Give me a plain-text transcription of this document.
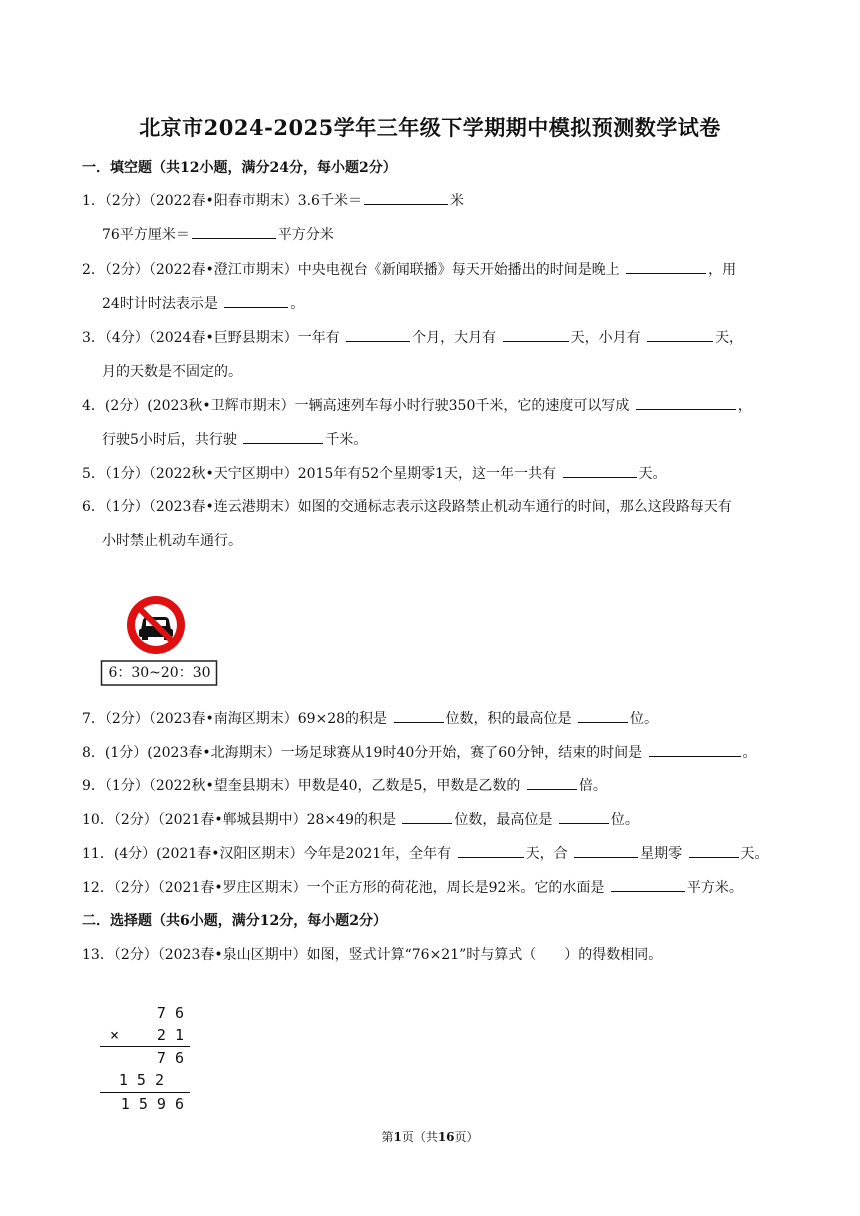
北京市2024-2025学年三年级下学期期中模拟预测数学试卷
一．填空题（共12小题，满分24分，每小题2分）
1．（2分）（2022春•阳春市期末）3.6千米＝	米
76平方厘米＝	平方分米
2．（2分）（2022春•澄江市期末）中央电视台《新闻联播》每天开始播出的时间是晚上	，用
24时计时法表示是	。
3．（4分）（2024春•巨野县期末）一年有	个月，大月有	天，小月有	天，
月的天数是不固定的。
4．(2分）(2023秋•卫辉市期末）一辆高速列车每小时行驶350千米，它的速度可以写成	，
行驶5小时后，共行驶	千米。
5．（1分）（2022秋•天宁区期中）2015年有52个星期零1天，这一年一共有	天。
6．（1分）（2023春•连云港期末）如图的交通标志表示这段路禁止机动车通行的时间，那么这段路每天有
小时禁止机动车通行。
6：30~20：30
7．（2分）（2023春•南海区期末）69×28的积是	位数，积的最高位是	位。
8．(1分）(2023春•北海期末）一场足球赛从19时40分开始，赛了60分钟，结束的时间是	。
9．（1分）（2022秋•望奎县期末）甲数是40，乙数是5，甲数是乙数的	倍。
10．（2分）（2021春•郸城县期中）28×49的积是	位数，最高位是	位。
11．(4分）(2021春•汉阳区期末）今年是2021年，全年有	天，合	星期零	天。
12．（2分）（2021春•罗庄区期末）一个正方形的荷花池，周长是92米。它的水面是	平方米。
二．选择题（共6小题，满分12分，每小题2分）
13．（2分）（2023春•泉山区期中）如图，竖式计算“76×21”时与算式（　　）的得数相同。
7 6
×	2 1
7 6
1 5 2
1 5 9 6
第1页（共16页）
